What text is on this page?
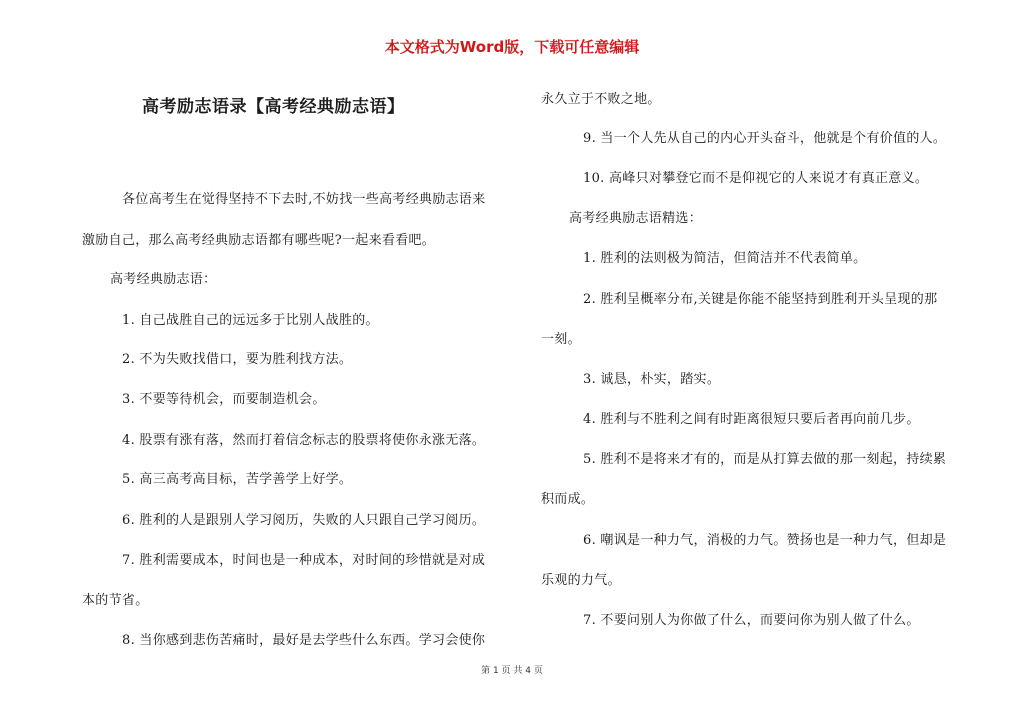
本文格式为Word版，下载可任意编辑
高考励志语录【高考经典励志语】
各位高考生在觉得坚持不下去时,不妨找一些高考经典励志语来
激励自己，那么高考经典励志语都有哪些呢?一起来看看吧。
高考经典励志语：
1. 自己战胜自己的远远多于比别人战胜的。
2. 不为失败找借口，要为胜利找方法。
3. 不要等待机会，而要制造机会。
4. 股票有涨有落，然而打着信念标志的股票将使你永涨无落。
5. 高三高考高目标，苦学善学上好学。
6. 胜利的人是跟别人学习阅历，失败的人只跟自己学习阅历。
7. 胜利需要成本，时间也是一种成本，对时间的珍惜就是对成
本的节省。
8. 当你感到悲伤苦痛时，最好是去学些什么东西。学习会使你
永久立于不败之地。
9. 当一个人先从自己的内心开头奋斗，他就是个有价值的人。
10. 高峰只对攀登它而不是仰视它的人来说才有真正意义。
高考经典励志语精选：
1. 胜利的法则极为简洁，但简洁并不代表简单。
2. 胜利呈概率分布,关键是你能不能坚持到胜利开头呈现的那
一刻。
3. 诚恳，朴实，踏实。
4. 胜利与不胜利之间有时距离很短只要后者再向前几步。
5. 胜利不是将来才有的，而是从打算去做的那一刻起，持续累
积而成。
6. 嘲讽是一种力气，消极的力气。赞扬也是一种力气，但却是
乐观的力气。
7. 不要问别人为你做了什么，而要问你为别人做了什么。
第 1 页 共 4 页
